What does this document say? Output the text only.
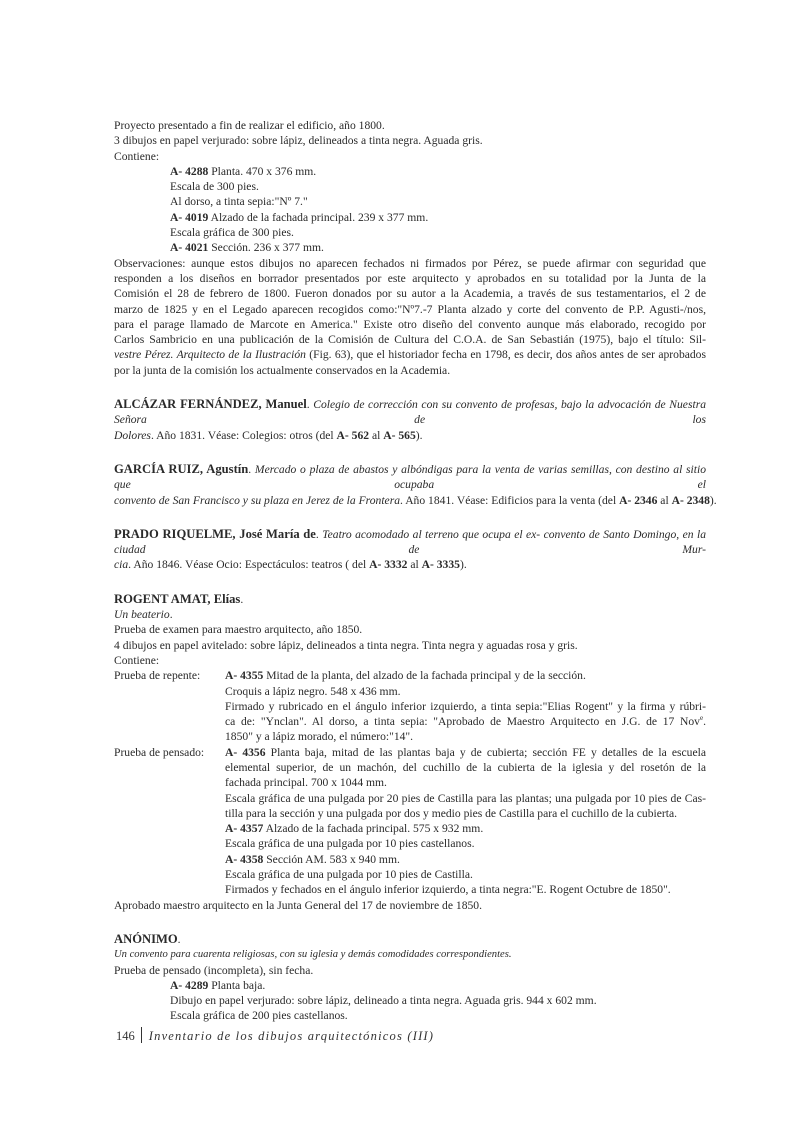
Proyecto presentado a fin de realizar el edificio, año 1800.
3 dibujos en papel verjurado: sobre lápiz, delineados a tinta negra. Aguada gris.
Contiene:
A- 4288 Planta. 470 x 376 mm.
Escala de 300 pies.
Al dorso, a tinta sepia:"Nº 7."
A- 4019 Alzado de la fachada principal. 239 x 377 mm.
Escala gráfica de 300 pies.
A- 4021 Sección. 236 x 377 mm.
Observaciones: aunque estos dibujos no aparecen fechados ni firmados por Pérez, se puede afirmar con seguridad que
responden a los diseños en borrador presentados por este arquitecto y aprobados en su totalidad por la Junta de la
Comisión el 28 de febrero de 1800. Fueron donados por su autor a la Academia, a través de sus testamentarios, el 2 de
marzo de 1825 y en el Legado aparecen recogidos como:"Nº7.-7 Planta alzado y corte del convento de P.P. Agusti-/nos,
para el parage llamado de Marcote en America." Existe otro diseño del convento aunque más elaborado, recogido por
Carlos Sambricio en una publicación de la Comisión de Cultura del C.O.A. de San Sebastián (1975), bajo el título: Sil-
vestre Pérez. Arquitecto de la Ilustración (Fig. 63), que el historiador fecha en 1798, es decir, dos años antes de ser aprobados
por la junta de la comisión los actualmente conservados en la Academia.
ALCÁZAR FERNÁNDEZ, Manuel. Colegio de corrección con su convento de profesas, bajo la advocación de Nuestra Señora de los
Dolores. Año 1831. Véase: Colegios: otros (del A- 562 al A- 565).
GARCÍA RUIZ, Agustín. Mercado o plaza de abastos y albóndigas para la venta de varias semillas, con destino al sitio que ocupaba el
convento de San Francisco y su plaza en Jerez de la Frontera. Año 1841. Véase: Edificios para la venta (del A- 2346 al A- 2348).
PRADO RIQUELME, José María de. Teatro acomodado al terreno que ocupa el ex- convento de Santo Domingo, en la ciudad de Mur-
cia. Año 1846. Véase Ocio: Espectáculos: teatros ( del A- 3332 al A- 3335).
ROGENT AMAT, Elías.
Un beaterio.
Prueba de examen para maestro arquitecto, año 1850.
4 dibujos en papel avitelado: sobre lápiz, delineados a tinta negra. Tinta negra y aguadas rosa y gris.
Contiene:
Prueba de repente: A- 4355 Mitad de la planta, del alzado de la fachada principal y de la sección.
Croquis a lápiz negro. 548 x 436 mm.
Firmado y rubricado en el ángulo inferior izquierdo, a tinta sepia:"Elias Rogent" y la firma y rúbri-
ca de: "Ynclan". Al dorso, a tinta sepia: "Aprobado de Maestro Arquitecto en J.G. de 17 Nov$^e$.
1850" y a lápiz morado, el número:"14".
Prueba de pensado: A- 4356 Planta baja, mitad de las plantas baja y de cubierta; sección FE y detalles de la escuela
elemental superior, de un machón, del cuchillo de la cubierta de la iglesia y del rosetón de la
fachada principal. 700 x 1044 mm.
Escala gráfica de una pulgada por 20 pies de Castilla para las plantas; una pulgada por 10 pies de Cas-
tilla para la sección y una pulgada por dos y medio pies de Castilla para el cuchillo de la cubierta.
A- 4357 Alzado de la fachada principal. 575 x 932 mm.
Escala gráfica de una pulgada por 10 pies castellanos.
A- 4358 Sección AM. 583 x 940 mm.
Escala gráfica de una pulgada por 10 pies de Castilla.
Firmados y fechados en el ángulo inferior izquierdo, a tinta negra:"E. Rogent Octubre de 1850".
Aprobado maestro arquitecto en la Junta General del 17 de noviembre de 1850.
ANÓNIMO.
Un convento para cuarenta religiosas, con su iglesia y demás comodidades correspondientes.
Prueba de pensado (incompleta), sin fecha.
A- 4289 Planta baja.
Dibujo en papel verjurado: sobre lápiz, delineado a tinta negra. Aguada gris. 944 x 602 mm.
Escala gráfica de 200 pies castellanos.
146 Inventario de los dibujos arquitectónicos (III)
